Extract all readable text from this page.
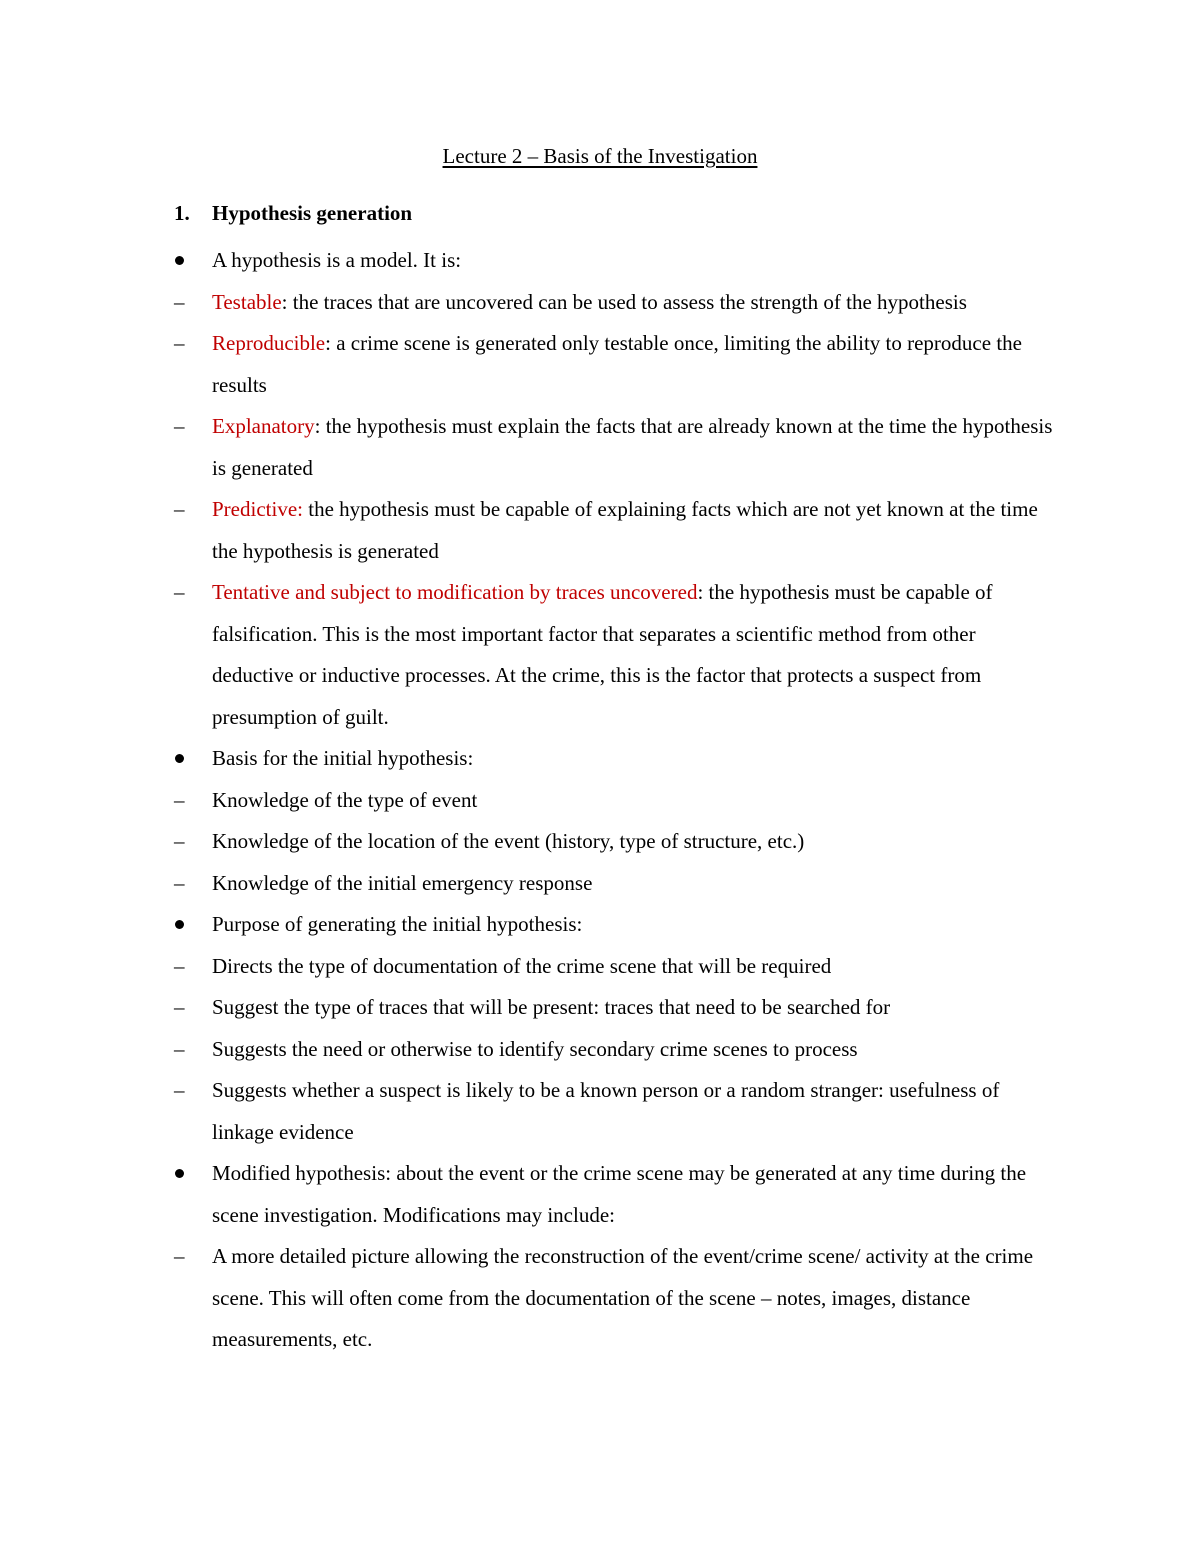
Lecture 2 – Basis of the Investigation
1. Hypothesis generation
A hypothesis is a model. It is:
–	Testable: the traces that are uncovered can be used to assess the strength of the hypothesis
–	Reproducible: a crime scene is generated only testable once, limiting the ability to reproduce the results
–	Explanatory: the hypothesis must explain the facts that are already known at the time the hypothesis is generated
–	Predictive: the hypothesis must be capable of explaining facts which are not yet known at the time the hypothesis is generated
–	Tentative and subject to modification by traces uncovered: the hypothesis must be capable of falsification. This is the most important factor that separates a scientific method from other deductive or inductive processes. At the crime, this is the factor that protects a suspect from presumption of guilt.
Basis for the initial hypothesis:
–	Knowledge of the type of event
–	Knowledge of the location of the event (history, type of structure, etc.)
–	Knowledge of the initial emergency response
Purpose of generating the initial hypothesis:
–	Directs the type of documentation of the crime scene that will be required
–	Suggest the type of traces that will be present: traces that need to be searched for
–	Suggests the need or otherwise to identify secondary crime scenes to process
–	Suggests whether a suspect is likely to be a known person or a random stranger: usefulness of linkage evidence
Modified hypothesis: about the event or the crime scene may be generated at any time during the scene investigation. Modifications may include:
–	A more detailed picture allowing the reconstruction of the event/crime scene/ activity at the crime scene. This will often come from the documentation of the scene – notes, images, distance measurements, etc.
